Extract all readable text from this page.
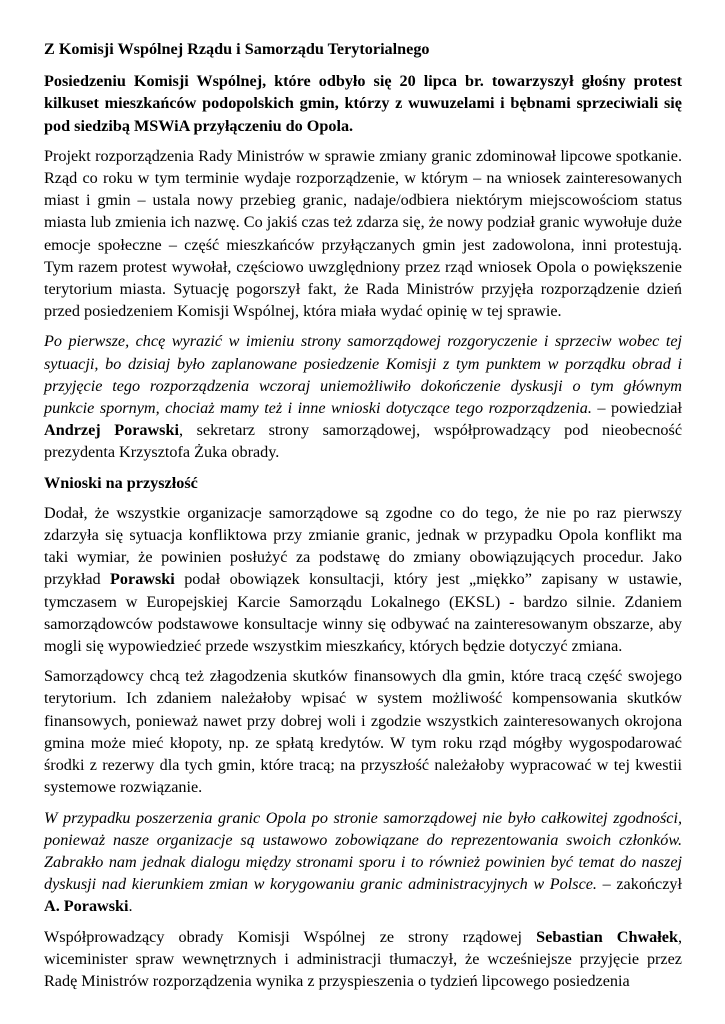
Z Komisji Wspólnej Rządu i Samorządu Terytorialnego

Posiedzeniu Komisji Wspólnej, które odbyło się 20 lipca br. towarzyszył głośny protest kilkuset mieszkańców podopolskich gmin, którzy z wuwuzelami i bębnami sprzeciwiali się pod siedzibą MSWiA przyłączeniu do Opola.

Projekt rozporządzenia Rady Ministrów w sprawie zmiany granic zdominował lipcowe spotkanie. Rząd co roku w tym terminie wydaje rozporządzenie, w którym – na wniosek zainteresowanych miast i gmin – ustala nowy przebieg granic, nadaje/odbiera niektórym miejscowościom status miasta lub zmienia ich nazwę. Co jakiś czas też zdarza się, że nowy podział granic wywołuje duże emocje społeczne – część mieszkańców przyłączanych gmin jest zadowolona, inni protestują. Tym razem protest wywołał, częściowo uwzględniony przez rząd wniosek Opola o powiększenie terytorium miasta. Sytuację pogorszył fakt, że Rada Ministrów przyjęła rozporządzenie dzień przed posiedzeniem Komisji Wspólnej, która miała wydać opinię w tej sprawie.

Po pierwsze, chcę wyrazić w imieniu strony samorządowej rozgoryczenie i sprzeciw wobec tej sytuacji, bo dzisiaj było zaplanowane posiedzenie Komisji z tym punktem w porządku obrad i przyjęcie tego rozporządzenia wczoraj uniemożliwiło dokończenie dyskusji o tym głównym punkcie spornym, chociaż mamy też i inne wnioski dotyczące tego rozporządzenia. – powiedział Andrzej Porawski, sekretarz strony samorządowej, współprowadzący pod nieobecność prezydenta Krzysztofa Żuka obrady.

Wnioski na przyszłość

Dodał, że wszystkie organizacje samorządowe są zgodne co do tego, że nie po raz pierwszy zdarzyła się sytuacja konfliktowa przy zmianie granic, jednak w przypadku Opola konflikt ma taki wymiar, że powinien posłużyć za podstawę do zmiany obowiązujących procedur. Jako przykład Porawski podał obowiązek konsultacji, który jest „miękko” zapisany w ustawie, tymczasem w Europejskiej Karcie Samorządu Lokalnego (EKSL) - bardzo silnie. Zdaniem samorządowców podstawowe konsultacje winny się odbywać na zainteresowanym obszarze, aby mogli się wypowiedzieć przede wszystkim mieszkańcy, których będzie dotyczyć zmiana.

Samorządowcy chcą też złagodzenia skutków finansowych dla gmin, które tracą część swojego terytorium. Ich zdaniem należałoby wpisać w system możliwość kompensowania skutków finansowych, ponieważ nawet przy dobrej woli i zgodzie wszystkich zainteresowanych okrojona gmina może mieć kłopoty, np. ze spłatą kredytów. W tym roku rząd mógłby wygospodarować środki z rezerwy dla tych gmin, które tracą; na przyszłość należałoby wypracować w tej kwestii systemowe rozwiązanie.

W przypadku poszerzenia granic Opola po stronie samorządowej nie było całkowitej zgodności, ponieważ nasze organizacje są ustawowo zobowiązane do reprezentowania swoich członków. Zabrakło nam jednak dialogu między stronami sporu i to również powinien być temat do naszej dyskusji nad kierunkiem zmian w korygowaniu granic administracyjnych w Polsce. – zakończył A. Porawski.

Współprowadzący obrady Komisji Wspólnej ze strony rządowej Sebastian Chwałek, wiceminister spraw wewnętrznych i administracji tłumaczył, że wcześniejsze przyjęcie przez Radę Ministrów rozporządzenia wynika z przyspieszenia o tydzień lipcowego posiedzenia
